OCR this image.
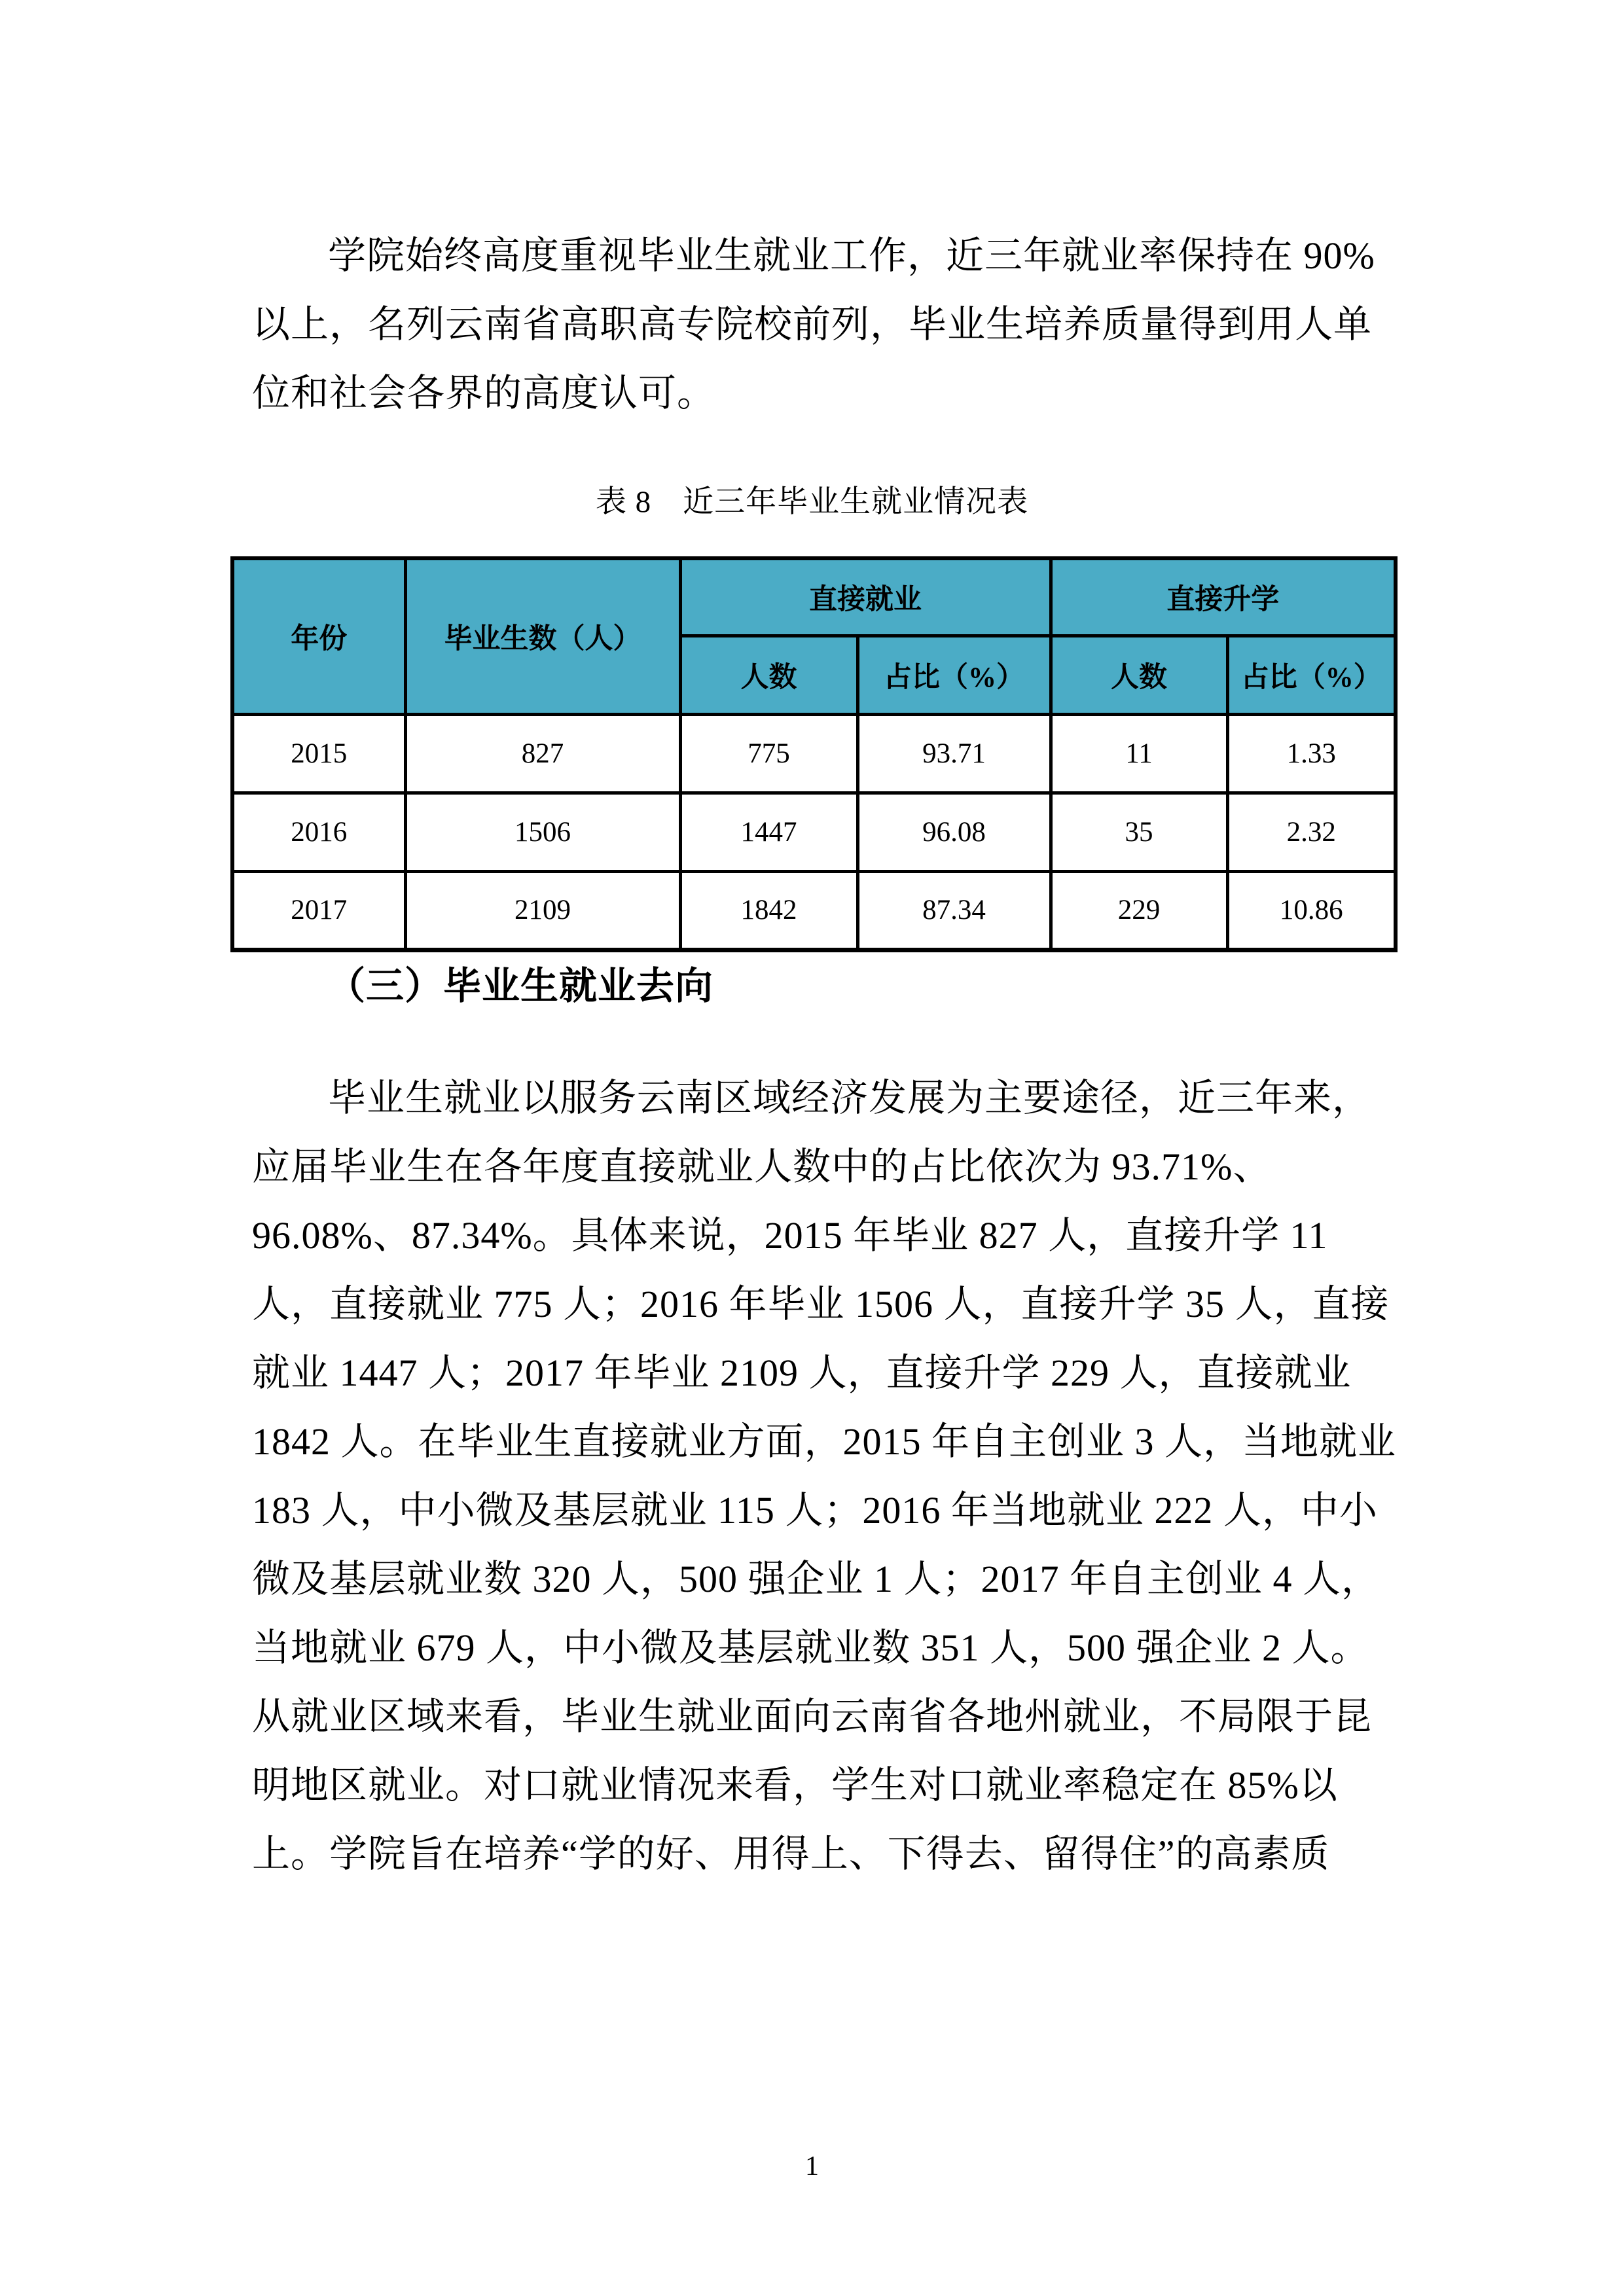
学院始终高度重视毕业生就业工作，近三年就业率保持在 90%
以上，名列云南省高职高专院校前列，毕业生培养质量得到用人单
位和社会各界的高度认可。
表 8　近三年毕业生就业情况表
年份	毕业生数（人）	直接就业		直接升学	
		人数	占比（%）	人数	占比（%）
2015	827	775	93.71	11	1.33
2016	1506	1447	96.08	35	2.32
2017	2109	1842	87.34	229	10.86
（三）毕业生就业去向
毕业生就业以服务云南区域经济发展为主要途径，近三年来，
应届毕业生在各年度直接就业人数中的占比依次为 93.71%、
96.08%、87.34%。具体来说，2015 年毕业 827 人，直接升学 11
人，直接就业 775 人；2016 年毕业 1506 人，直接升学 35 人，直接
就业 1447 人；2017 年毕业 2109 人，直接升学 229 人，直接就业
1842 人。在毕业生直接就业方面，2015 年自主创业 3 人，当地就业
183 人，中小微及基层就业 115 人；2016 年当地就业 222 人，中小
微及基层就业数 320 人，500 强企业 1 人；2017 年自主创业 4 人，
当地就业 679 人，中小微及基层就业数 351 人，500 强企业 2 人。
从就业区域来看，毕业生就业面向云南省各地州就业，不局限于昆
明地区就业。对口就业情况来看，学生对口就业率稳定在 85%以
上。学院旨在培养“学的好、用得上、下得去、留得住”的高素质
1
